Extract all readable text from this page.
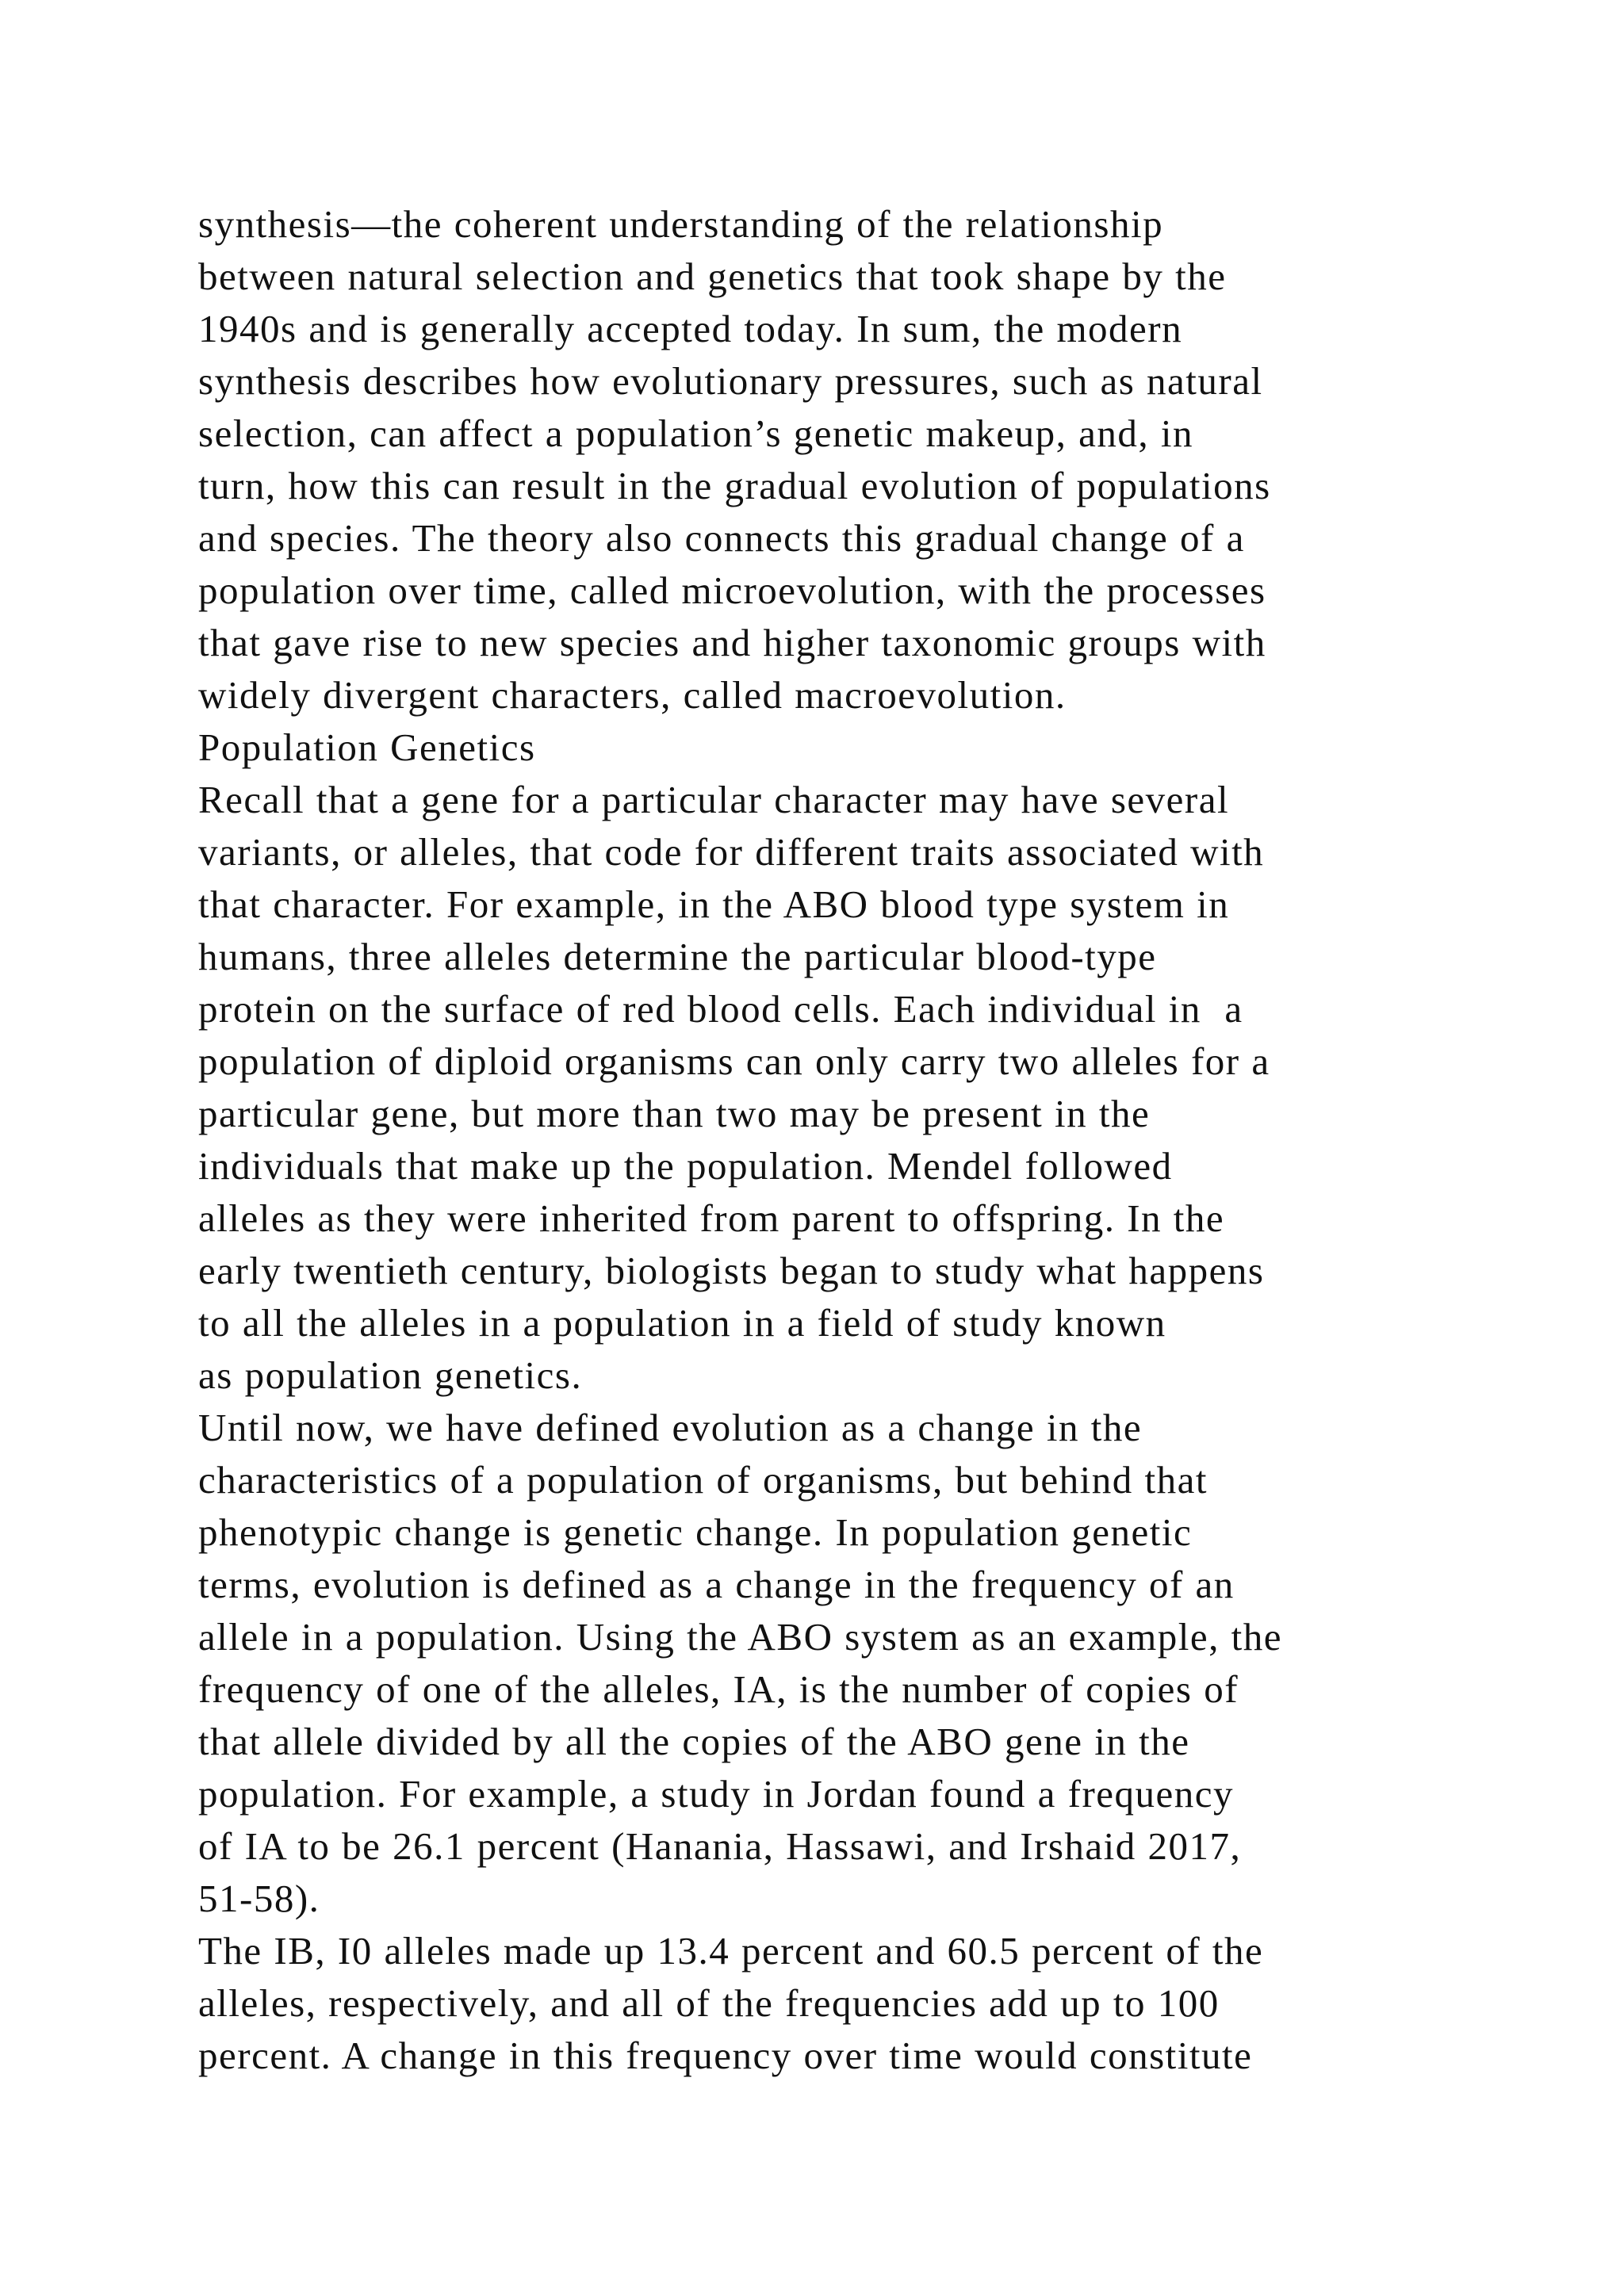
synthesis—the coherent understanding of the relationship
between natural selection and genetics that took shape by the
1940s and is generally accepted today. In sum, the modern
synthesis describes how evolutionary pressures, such as natural
selection, can affect a population’s genetic makeup, and, in
turn, how this can result in the gradual evolution of populations
and species. The theory also connects this gradual change of a
population over time, called microevolution, with the processes
that gave rise to new species and higher taxonomic groups with
widely divergent characters, called macroevolution.
Population Genetics
Recall that a gene for a particular character may have several
variants, or alleles, that code for different traits associated with
that character. For example, in the ABO blood type system in
humans, three alleles determine the particular blood-type
protein on the surface of red blood cells. Each individual in  a
population of diploid organisms can only carry two alleles for a
particular gene, but more than two may be present in the
individuals that make up the population. Mendel followed
alleles as they were inherited from parent to offspring. In the
early twentieth century, biologists began to study what happens
to all the alleles in a population in a field of study known
as population genetics.
Until now, we have defined evolution as a change in the
characteristics of a population of organisms, but behind that
phenotypic change is genetic change. In population genetic
terms, evolution is defined as a change in the frequency of an
allele in a population. Using the ABO system as an example, the
frequency of one of the alleles, IA, is the number of copies of
that allele divided by all the copies of the ABO gene in the
population. For example, a study in Jordan found a frequency
of IA to be 26.1 percent (Hanania, Hassawi, and Irshaid 2017,
51-58).
The IB, I0 alleles made up 13.4 percent and 60.5 percent of the
alleles, respectively, and all of the frequencies add up to 100
percent. A change in this frequency over time would constitute
